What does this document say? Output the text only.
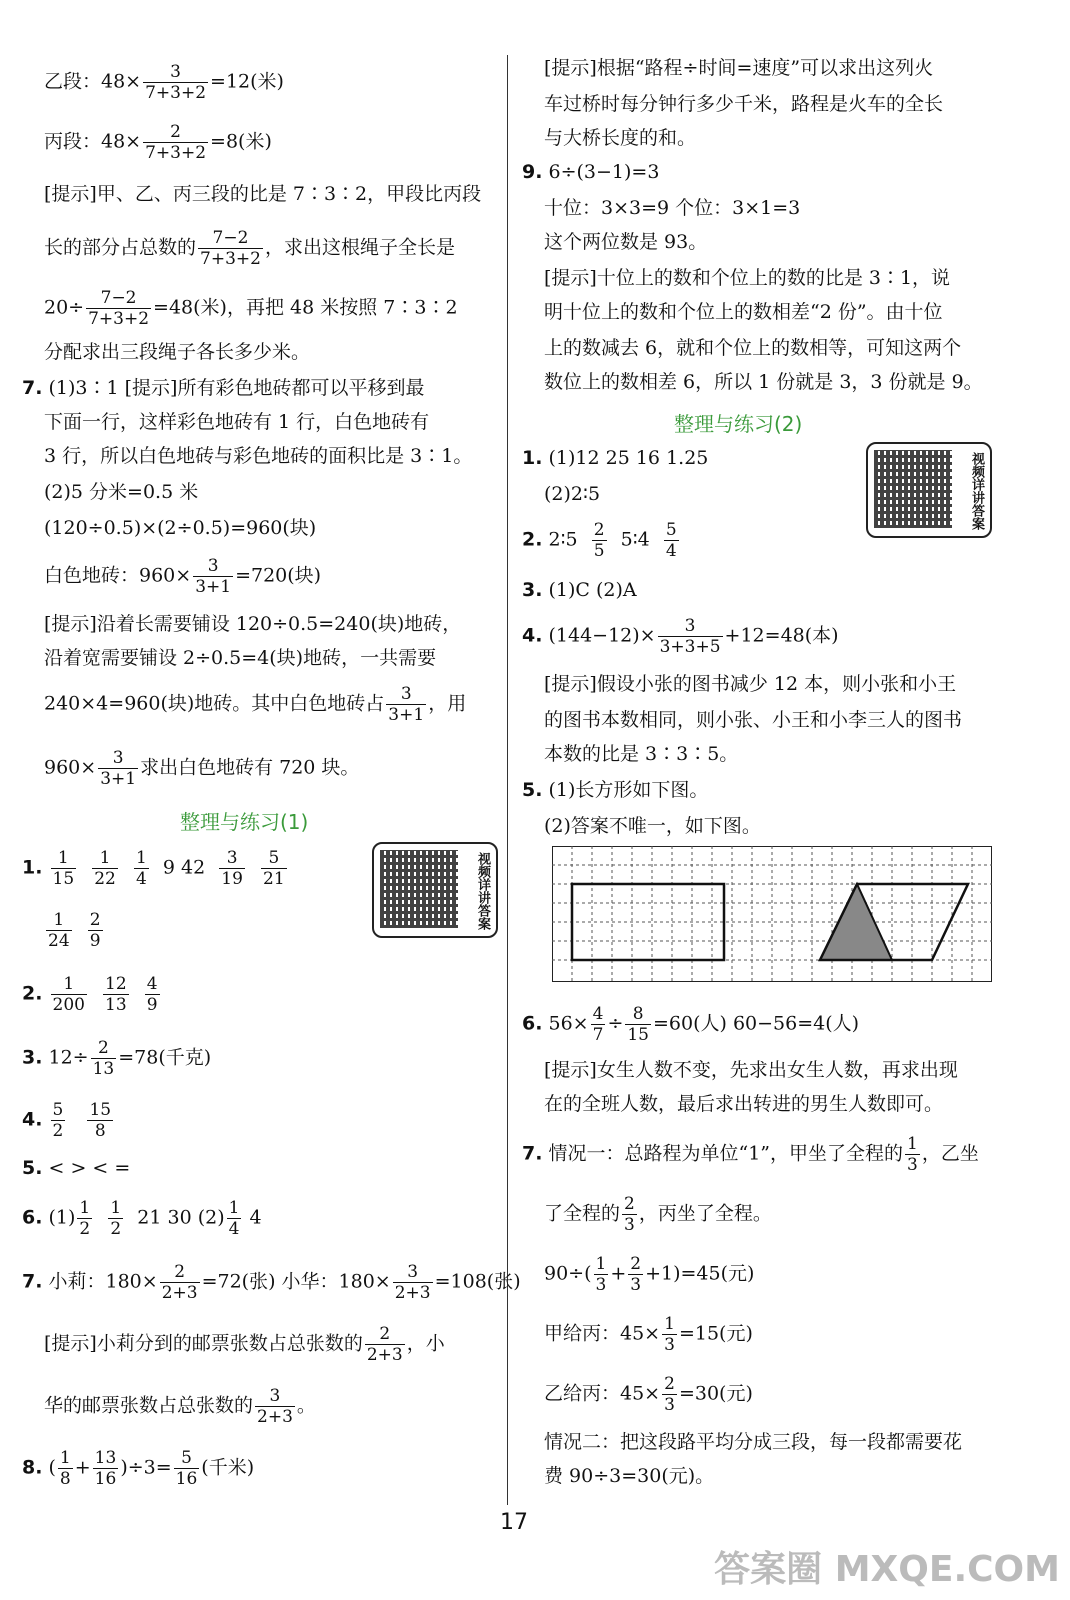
乙段：$48\times \frac{3}{7+3+2} =12$(米)
丙段：$48\times \frac{2}{7+3+2} =8$(米)
[提示]甲、乙、丙三段的比是 7∶3∶2，甲段比丙段
长的部分占总数的 $\frac{7-2}{7+3+2}$ ，求出这根绳子全长是
$20\div \frac{7-2}{7+3+2} =48$(米)，再把 48 米按照 7∶3∶2
分配求出三段绳子各长多少米。
7. (1)3∶1 [提示]所有彩色地砖都可以平移到最
下面一行，这样彩色地砖有 1 行，白色地砖有
3 行，所以白色地砖与彩色地砖的面积比是 3∶1。
(2)5 分米=0.5 米
(120÷0.5)×(2÷0.5)=960(块)
白色地砖：$960\times \frac{3}{3+1} =720$(块)
[提示]沿着长需要铺设 120÷0.5=240(块)地砖，
沿着宽需要铺设 2÷0.5=4(块)地砖，一共需要
240×4=960(块)地砖。其中白色地砖占 $\frac{3}{3+1}$ ，用
$960\times \frac{3}{3+1}$ 求出白色地砖有 720 块。
整理与练习(1)
视频详讲答案
1. $\frac{1}{15}$
$\frac{1}{22}$
$\frac{1}{4} 9$ $42 \frac{3}{19}$
$\frac{5}{21}$
$\frac{1}{24}$
$\frac{2}{9}$
2. $\frac{1}{200}$
$\frac{12}{13}$
$\frac{4}{9}$
3. $12\div \frac{2}{13} =78$(千克)
4. $\frac{5}{2}$
$\frac{15}{8}$
5. < > < =
6. $(1) \frac{1}{2}$
$\frac{1}{2} 21$ 30 $(2) \frac{1}{4} 4$
7. 小莉：$180\times \frac{2}{2+3} =72$(张) 小华：$180\times \frac{3}{2+3} =108$(张)
[提示]小莉分到的邮票张数占总张数的 $\frac{2}{2+3}$ ，小
华的邮票张数占总张数的 $\frac{3}{2+3}$ 。
8. ( $\frac{1}{8} + \frac{13}{16} )\div 3= \frac{5}{16}$ (千米)
[提示]根据“路程÷时间=速度”可以求出这列火
车过桥时每分钟行多少千米，路程是火车的全长
与大桥长度的和。
9. 6÷(3−1)=3
十位：3×3=9 个位：3×1=3
这个两位数是 93。
[提示]十位上的数和个位上的数的比是 3∶1，说
明十位上的数和个位上的数相差“2 份”。由十位
上的数减去 6，就和个位上的数相等，可知这两个
数位上的数相差 6，所以 1 份就是 3，3 份就是 9。
整理与练习(2)
视频详讲答案
1. (1)12 25 16 1.25
(2)2∶5
2. 2∶5 $\frac{2}{5}$ 5∶4 $\frac{5}{4}$
3. (1)C (2)A
4. $(144-12)\times \frac{3}{3+3+5} +12=48$(本)
[提示]假设小张的图书减少 12 本，则小张和小王
的图书本数相同，则小张、小王和小李三人的图书
本数的比是 3∶3∶5。
5. (1)长方形如下图。
(2)答案不唯一，如下图。
6. $56\times \frac{4}{7} \div \frac{8}{15} =60$(人) 60−56=4(人)
[提示]女生人数不变，先求出女生人数，再求出现
在的全班人数，最后求出转进的男生人数即可。
7. 情况一：总路程为单位“1”，甲坐了全程的 $\frac{1}{3}$ ，乙坐
了全程的 $\frac{2}{3}$ ，丙坐了全程。
$90\div( \frac{1}{3} + \frac{2}{3} +1)=45$(元)
甲给丙：$45\times \frac{1}{3} =15$(元)
乙给丙：$45\times \frac{2}{3} =30$(元)
情况二：把这段路平均分成三段，每一段都需要花
费 90÷3=30(元)。
17
答案圈 MXQE.COM
